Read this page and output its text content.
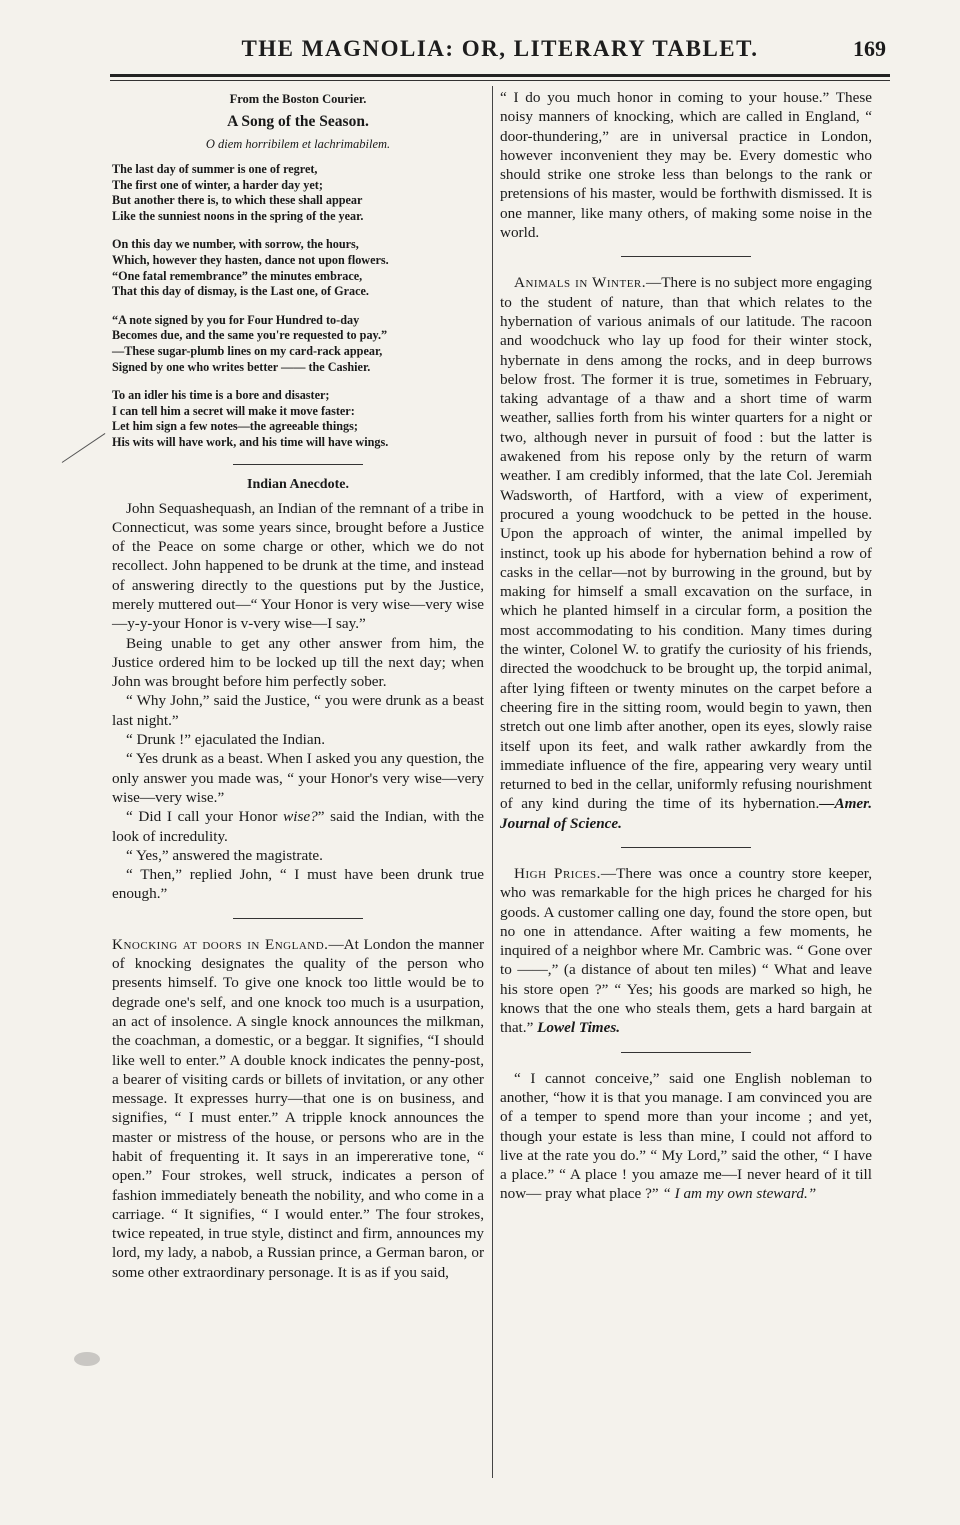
THE MAGNOLIA: OR, LITERARY TABLET.	169
From the Boston Courier.
A Song of the Season.
O diem horribilem et lachrimabilem.
The last day of summer is one of regret,
The first one of winter, a harder day yet;
But another there is, to which these shall appear
Like the sunniest noons in the spring of the year.
On this day we number, with sorrow, the hours,
Which, however they hasten, dance not upon flowers.
“One fatal remembrance” the minutes embrace,
That this day of dismay, is the Last one, of Grace.
“A note signed by you for Four Hundred to-day
Becomes due, and the same you're requested to pay.”
—These sugar-plumb lines on my card-rack appear,
Signed by one who writes better —— the Cashier.
To an idler his time is a bore and disaster;
I can tell him a secret will make it move faster:
Let him sign a few notes—the agreeable things;
His wits will have work, and his time will have wings.
Indian Anecdote.

John Sequashequash, an Indian of the remnant of a tribe in Connecticut, was some years since, brought before a Justice of the Peace on some charge or other, which we do not recollect. John happened to be drunk at the time, and instead of answering directly to the questions put by the Justice, merely muttered out—“ Your Honor is very wise—very wise—y-y-your Honor is v-very wise—I say.”

Being unable to get any other answer from him, the Justice ordered him to be locked up till the next day; when John was brought before him perfectly sober.

“ Why John,” said the Justice, “ you were drunk as a beast last night.”

“ Drunk !” ejaculated the Indian.

“ Yes drunk as a beast. When I asked you any question, the only answer you made was, “ your Honor's very wise—very wise—very wise.”

“ Did I call your Honor wise?” said the Indian, with the look of incredulity.

“ Yes,” answered the magistrate.

“ Then,” replied John, “ I must have been drunk true enough.”

Knocking at doors in England.—At London the manner of knocking designates the quality of the person who presents himself. To give one knock too little would be to degrade one's self, and one knock too much is a usurpation, an act of insolence. A single knock announces the milkman, the coachman, a domestic, or a beggar. It signifies, “I should like well to enter.” A double knock indicates the penny-post, a bearer of visiting cards or billets of invitation, or any other message. It expresses hurry—that one is on business, and signifies, “ I must enter.” A tripple knock announces the master or mistress of the house, or persons who are in the habit of frequenting it. It says in an impererative tone, “ open.” Four strokes, well struck, indicates a person of fashion immediately beneath the nobility, and who come in a carriage. “ It signifies, “ I would enter.” The four strokes, twice repeated, in true style, distinct and firm, announces my lord, my lady, a nabob, a Russian prince, a German baron, or some other extraordinary personage. It is as if you said,

“ I do you much honor in coming to your house.” These noisy manners of knocking, which are called in England, “ door-thundering,” are in universal practice in London, however inconvenient they may be. Every domestic who should strike one stroke less than belongs to the rank or pretensions of his master, would be forthwith dismissed. It is one manner, like many others, of making some noise in the world.

Animals in Winter.—There is no subject more engaging to the student of nature, than that which relates to the hybernation of various animals of our latitude. The racoon and woodchuck who lay up food for their winter stock, hybernate in dens among the rocks, and in deep burrows below frost. The former it is true, sometimes in February, taking advantage of a thaw and a short time of warm weather, sallies forth from his winter quarters for a night or two, although never in pursuit of food : but the latter is awakened from his repose only by the return of warm weather. I am credibly informed, that the late Col. Jeremiah Wadsworth, of Hartford, with a view of experiment, procured a young woodchuck to be petted in the house. Upon the approach of winter, the animal impelled by instinct, took up his abode for hybernation behind a row of casks in the cellar—not by burrowing in the ground, but by making for himself a small excavation on the surface, in which he planted himself in a circular form, a position the most accommodating to his condition. Many times during the winter, Colonel W. to gratify the curiosity of his friends, directed the woodchuck to be brought up, the torpid animal, after lying fifteen or twenty minutes on the carpet before a cheering fire in the sitting room, would begin to yawn, then stretch out one limb after another, open its eyes, slowly raise itself upon its feet, and walk rather awkardly from the immediate influence of the fire, appearing very weary until returned to bed in the cellar, uniformly refusing nourishment of any kind during the time of its hybernation.—Amer. Journal of Science.

High Prices.—There was once a country store keeper, who was remarkable for the high prices he charged for his goods. A customer calling one day, found the store open, but no one in attendance. After waiting a few moments, he inquired of a neighbor where Mr. Cambric was. “ Gone over to ——,” (a distance of about ten miles) “ What and leave his store open ?” “ Yes; his goods are marked so high, he knows that the one who steals them, gets a hard bargain at that.” Lowel Times.

“ I cannot conceive,” said one English nobleman to another, “how it is that you manage. I am convinced you are of a temper to spend more than your income ; and yet, though your estate is less than mine, I could not afford to live at the rate you do.” “ My Lord,” said the other, “ I have a place.” “ A place ! you amaze me—I never heard of it till now— pray what place ?” “ I am my own steward.”
